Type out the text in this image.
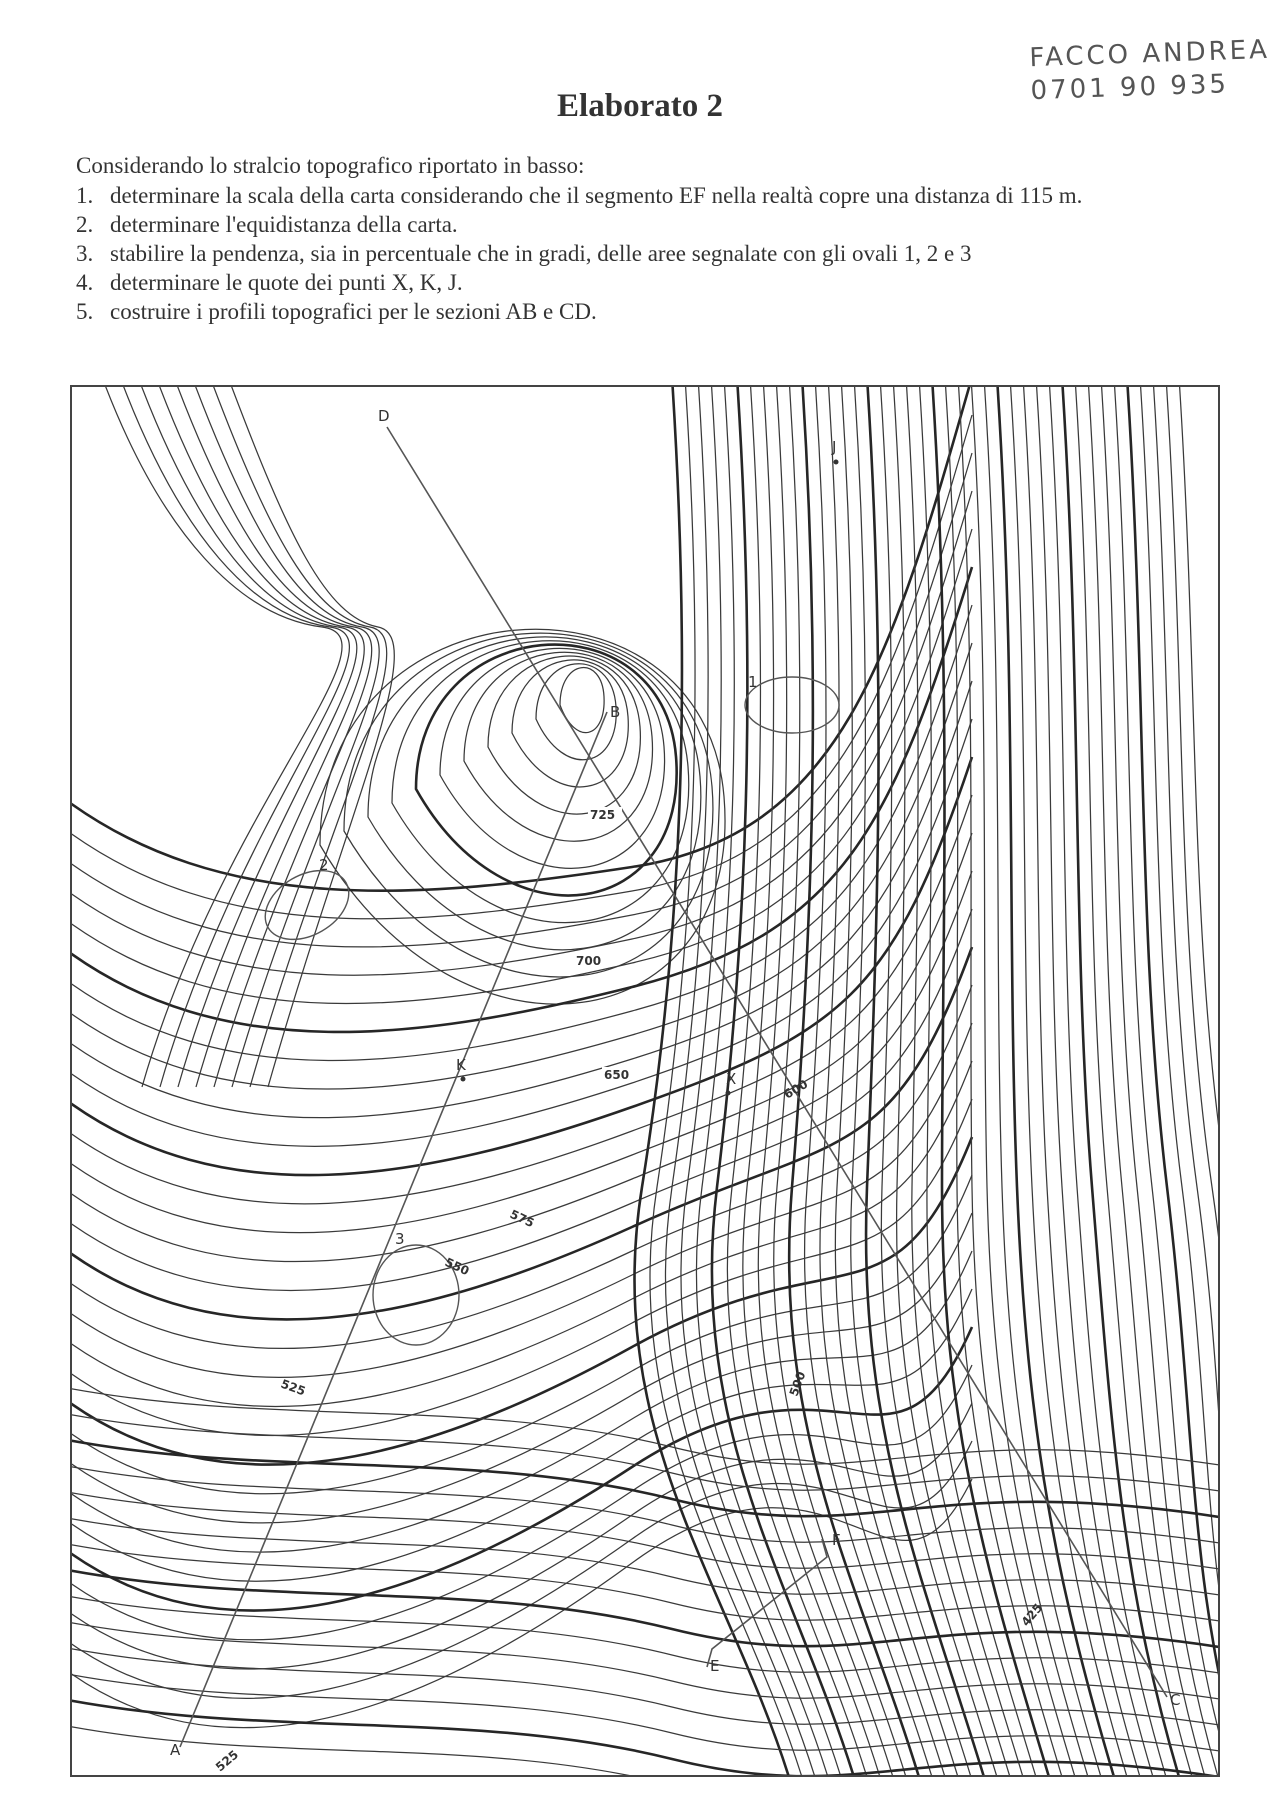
FACCO ANDREA
0701 90 935
Elaborato 2
Considerando lo stralcio topografico riportato in basso:
1. determinare la scala della carta considerando che il segmento EF nella realtà copre una distanza di 115 m.
2. determinare l'equidistanza della carta.
3. stabilire la pendenza, sia in percentuale che in gradi, delle aree segnalate con gli ovali 1, 2 e 3
4. determinare le quote dei punti X, K, J.
5. costruire i profili topografici per le sezioni AB e CD.
1
2
3
A
B
C
D
E
F
J
K
X
725
700
650
600
575
550
525	500
425
525
